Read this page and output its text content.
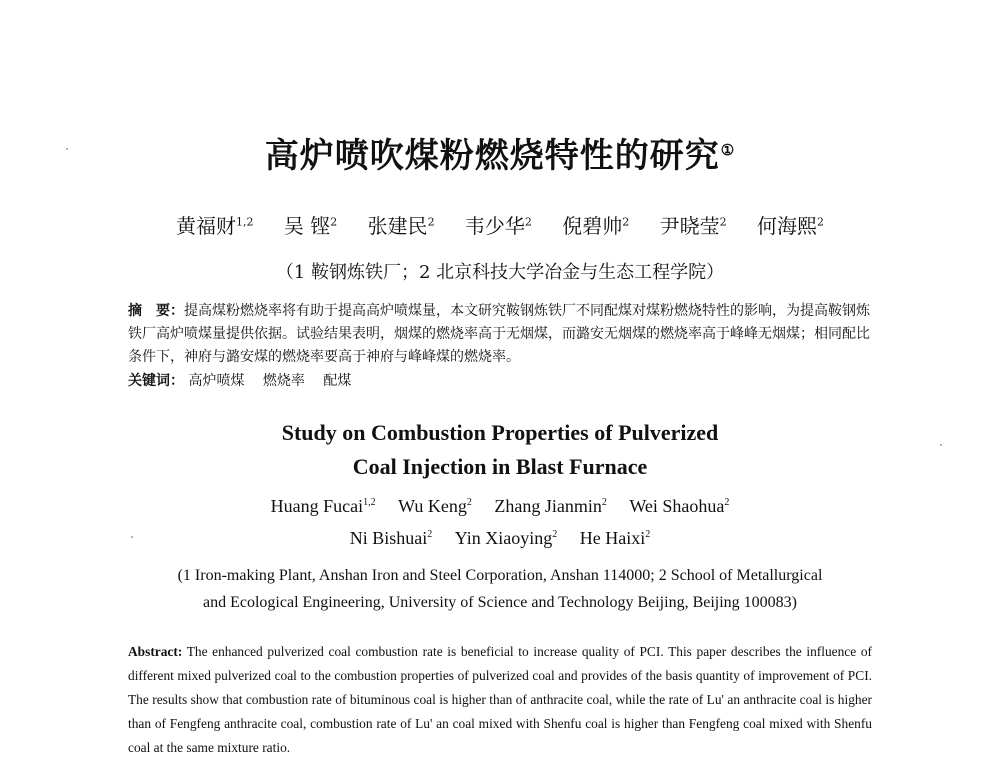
高炉喷吹煤粉燃烧特性的研究①
黄福财$^{1,2}$ 吴 铿$^2$ 张建民$^2$ 韦少华$^2$ 倪碧帅$^2$ 尹晓莹$^2$ 何海熙$^2$
（1 鞍钢炼铁厂；2 北京科技大学冶金与生态工程学院）
摘　要：提高煤粉燃烧率将有助于提高高炉喷煤量，本文研究鞍钢炼铁厂不同配煤对煤粉燃烧特性的影响，为提高鞍钢炼铁厂高炉喷煤量提供依据。试验结果表明，烟煤的燃烧率高于无烟煤，而潞安无烟煤的燃烧率高于峰峰无烟煤；相同配比条件下，神府与潞安煤的燃烧率要高于神府与峰峰煤的燃烧率。
关键词： 高炉喷煤 燃烧率 配煤
Study on Combustion Properties of Pulverized
Coal Injection in Blast Furnace
Huang Fucai$^{1,2}$ Wu Keng$^2$ Zhang Jianmin$^2$ Wei Shaohua$^2$
Ni Bishuai$^2$ Yin Xiaoying$^2$ He Haixi$^2$
(1 Iron-making Plant, Anshan Iron and Steel Corporation, Anshan 114000; 2 School of Metallurgical
and Ecological Engineering, University of Science and Technology Beijing, Beijing 100083)
Abstract: The enhanced pulverized coal combustion rate is beneficial to increase quality of PCI. This paper describes the influence of different mixed pulverized coal to the combustion properties of pulverized coal and provides of the basis quantity of improvement of PCI. The results show that combustion rate of bituminous coal is higher than of anthracite coal, while the rate of Lu' an anthracite coal is higher than of Fengfeng anthracite coal, combustion rate of Lu' an coal mixed with Shenfu coal is higher than Fengfeng coal mixed with Shenfu coal at the same mixture ratio.
